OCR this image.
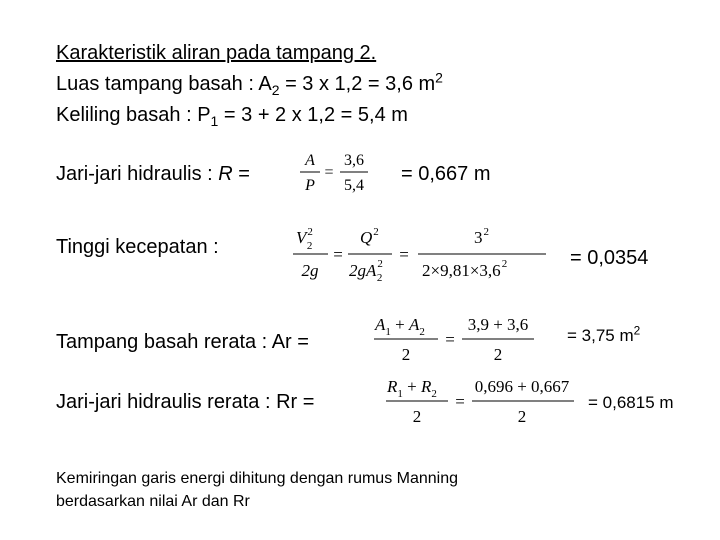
Karakteristik aliran pada tampang 2.
Luas tampang basah : $A_2 = 3$ x 1,2 = 3,6 $m^2$
Keliling basah : $P_1 = 3 + 2$ x 1,2 = 5,4 m
Jari-jari hidraulis : R =
A
P
=
3,6
5,4
= 0,667 m
Tinggi kecepatan :	$V^2$ 2
2g
=
$Q^2$
$2gA^2$ 2
=
$3^2$
$2\times 9,81\times 3,6^2$	= 0,0354
Tampang basah rerata : Ar =
$A_1 + A_2$
2
=
3,9 + 3,6
2
= 3,75 $m^2$
Jari-jari hidraulis rerata : Rr =
$R_1 + R_2$
2
=
0,696 + 0,667
2
= 0,6815 m
Kemiringan garis energi dihitung dengan rumus Manning
berdasarkan nilai Ar dan Rr
